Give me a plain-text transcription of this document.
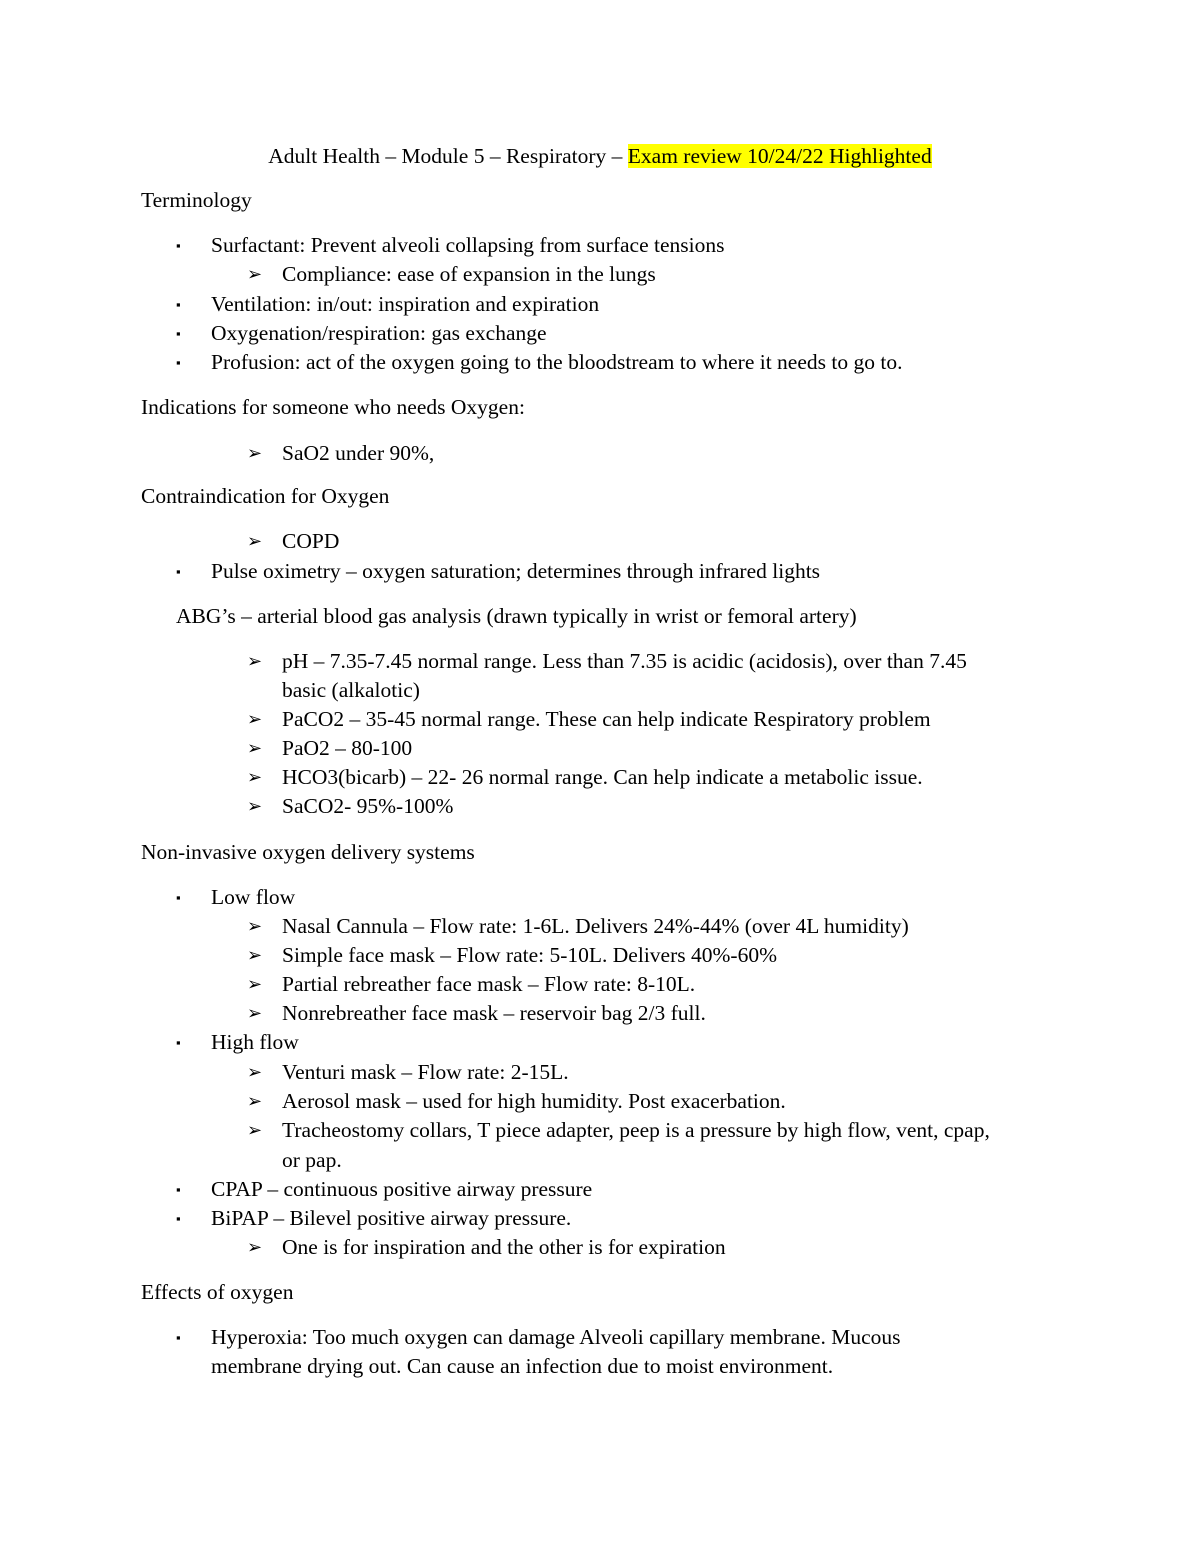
Adult Health – Module 5 – Respiratory – Exam review 10/24/22 Highlighted
Terminology
▪ Surfactant: Prevent alveoli collapsing from surface tensions
➢ Compliance: ease of expansion in the lungs
▪ Ventilation: in/out: inspiration and expiration
▪ Oxygenation/respiration: gas exchange
▪ Profusion: act of the oxygen going to the bloodstream to where it needs to go to.
Indications for someone who needs Oxygen:
➢ SaO2 under 90%,
Contraindication for Oxygen
➢ COPD
▪ Pulse oximetry – oxygen saturation; determines through infrared lights
ABG’s – arterial blood gas analysis (drawn typically in wrist or femoral artery)
➢ pH – 7.35-7.45 normal range. Less than 7.35 is acidic (acidosis), over than 7.45
basic (alkalotic)
➢ PaCO2 – 35-45 normal range. These can help indicate Respiratory problem
➢ PaO2 – 80-100
➢ HCO3(bicarb) – 22- 26 normal range. Can help indicate a metabolic issue.
➢ SaCO2- 95%-100%
Non-invasive oxygen delivery systems
▪ Low flow
➢ Nasal Cannula – Flow rate: 1-6L. Delivers 24%-44% (over 4L humidity)
➢ Simple face mask – Flow rate: 5-10L. Delivers 40%-60%
➢ Partial rebreather face mask – Flow rate: 8-10L.
➢ Nonrebreather face mask – reservoir bag 2/3 full.
▪ High flow
➢ Venturi mask – Flow rate: 2-15L.
➢ Aerosol mask – used for high humidity. Post exacerbation.
➢ Tracheostomy collars, T piece adapter, peep is a pressure by high flow, vent, cpap,
or pap.
▪ CPAP – continuous positive airway pressure
▪ BiPAP – Bilevel positive airway pressure.
➢ One is for inspiration and the other is for expiration
Effects of oxygen
▪ Hyperoxia: Too much oxygen can damage Alveoli capillary membrane. Mucous
membrane drying out. Can cause an infection due to moist environment.
